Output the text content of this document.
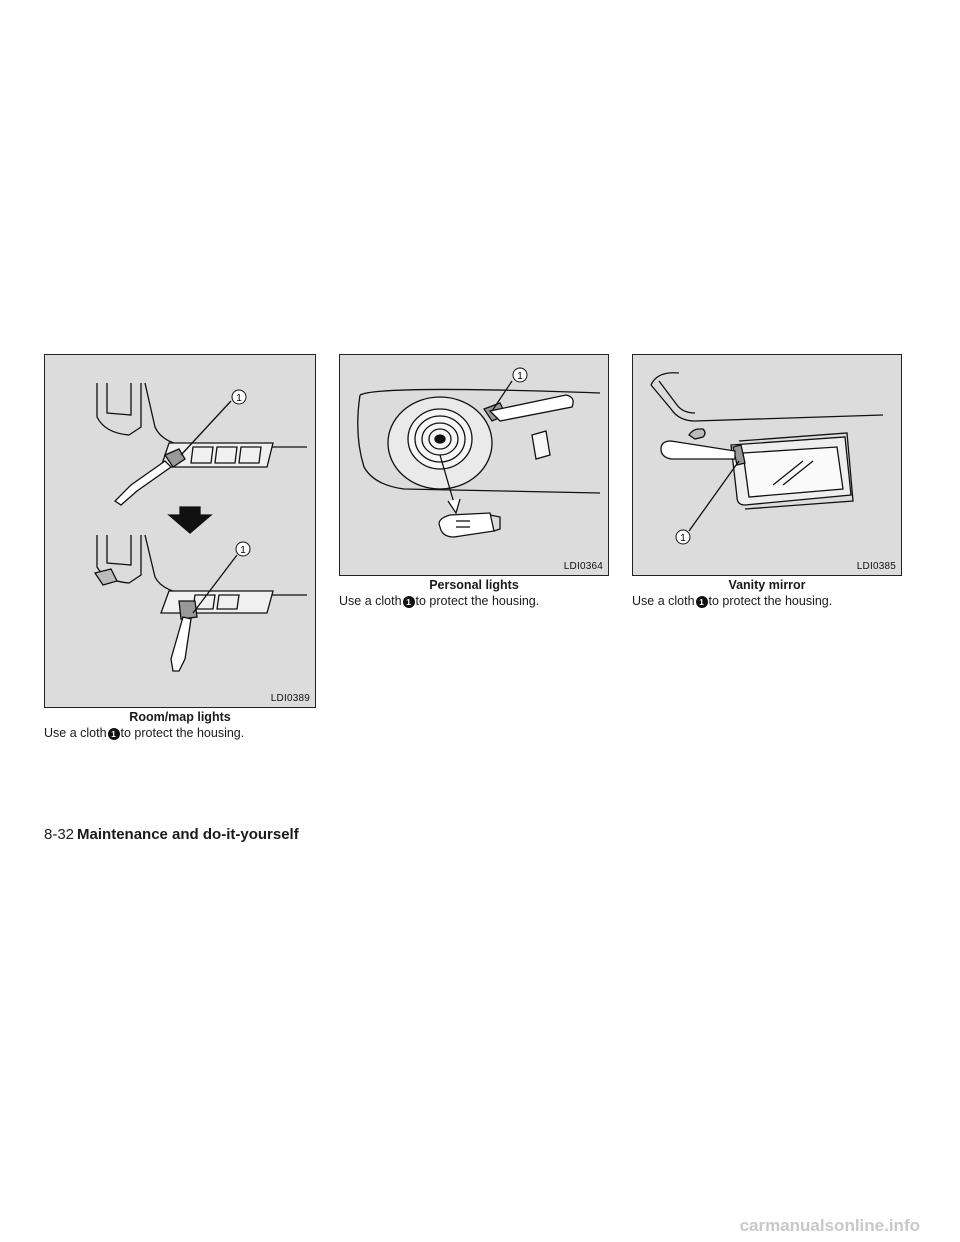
1
1
LDI0389
Room/map lights
Use a cloth 1 to protect the housing.
1
LDI0364
Personal lights
Use a cloth 1 to protect the housing.
1
LDI0385
Vanity mirror
Use a cloth 1 to protect the housing.
8-32 Maintenance and do-it-yourself
carmanualsonline.info
